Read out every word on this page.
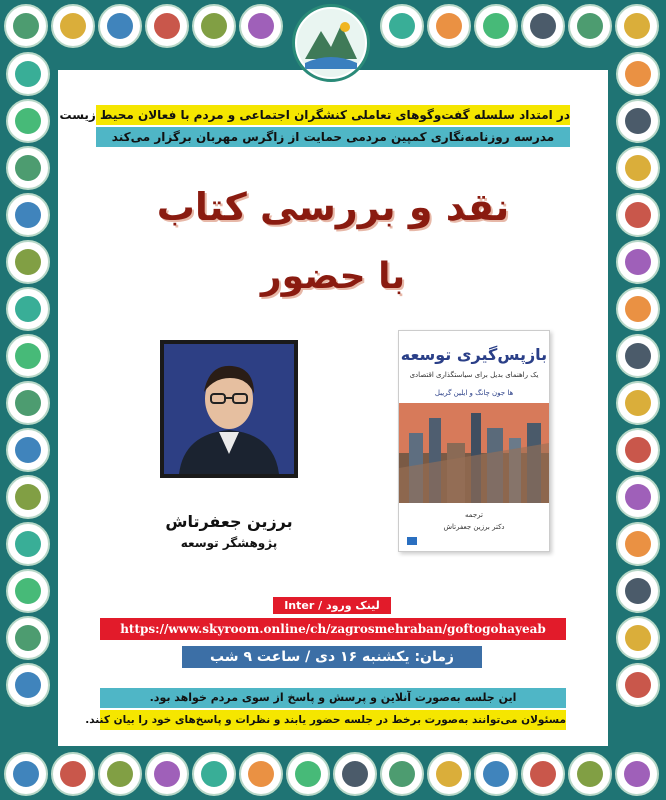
در امتداد سلسله گفت‌وگوهای تعاملی کنشگران اجتماعی و مردم با فعالان محیط زیست
مدرسه روزنامه‌نگاری کمپین مردمی حمایت از زاگرس مهربان برگزار می‌کند
نقد و بررسی کتاب
با حضور
برزین جعفرتاش
پژوهشگر توسعه
بازپس‌گیری توسعه
یک راهنمای بدیل برای سیاستگذاری اقتصادی
ها جون چانگ و ایلین گریبل
ترجمه
دکتر برزین جعفرتاش
لینک ورود / Inter
https://www.skyroom.online/ch/zagrosmehraban/goftogohayeab
زمان: یکشنبه ۱۶ دی / ساعت ۹ شب
این جلسه به‌صورت آنلاین و پرسش و پاسخ از سوی مردم خواهد بود.
مسئولان می‌توانند به‌صورت برخط در جلسه حضور یابند و نظرات و پاسخ‌های خود را بیان کنند.
